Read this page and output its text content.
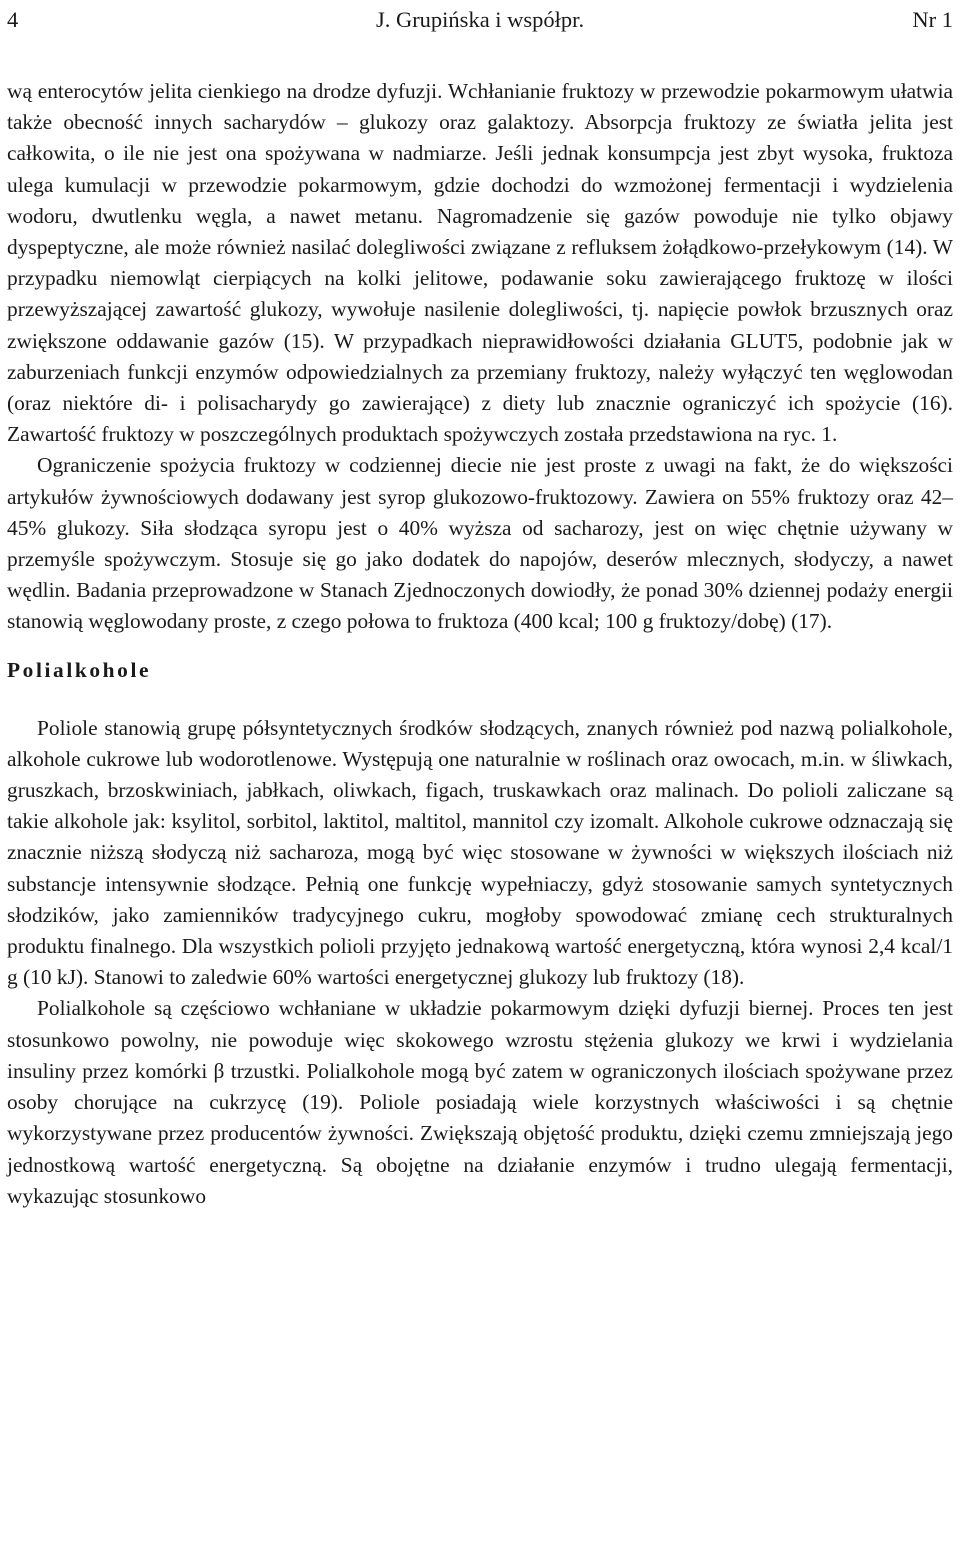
4	J. Grupińska i współpr.	Nr 1

wą enterocytów jelita cienkiego na drodze dyfuzji. Wchłanianie fruktozy w przewodzie pokarmowym ułatwia także obecność innych sacharydów – glukozy oraz galaktozy. Absorpcja fruktozy ze światła jelita jest całkowita, o ile nie jest ona spożywana w nadmiarze. Jeśli jednak konsumpcja jest zbyt wysoka, fruktoza ulega kumulacji w przewodzie pokarmowym, gdzie dochodzi do wzmożonej fermentacji i wydzielenia wodoru, dwutlenku węgla, a nawet metanu. Nagromadzenie się gazów powoduje nie tylko objawy dyspeptyczne, ale może również nasilać dolegliwości związane z refluksem żołądkowo-przełykowym (14). W przypadku niemowląt cierpiących na kolki jelitowe, podawanie soku zawierającego fruktozę w ilości przewyższającej zawartość glukozy, wywołuje nasilenie dolegliwości, tj. napięcie powłok brzusznych oraz zwiększone oddawanie gazów (15). W przypadkach nieprawidłowości działania GLUT5, podobnie jak w zaburzeniach funkcji enzymów odpowiedzialnych za przemiany fruktozy, należy wyłączyć ten węglowodan (oraz niektóre di- i polisacharydy go zawierające) z diety lub znacznie ograniczyć ich spożycie (16). Zawartość fruktozy w poszczególnych produktach spożywczych została przedstawiona na ryc. 1.

Ograniczenie spożycia fruktozy w codziennej diecie nie jest proste z uwagi na fakt, że do większości artykułów żywnościowych dodawany jest syrop glukozowo-fruktozowy. Zawiera on 55% fruktozy oraz 42–45% glukozy. Siła słodząca syropu jest o 40% wyższa od sacharozy, jest on więc chętnie używany w przemyśle spożywczym. Stosuje się go jako dodatek do napojów, deserów mlecznych, słodyczy, a nawet wędlin. Badania przeprowadzone w Stanach Zjednoczonych dowiodły, że ponad 30% dziennej podaży energii stanowią węglowodany proste, z czego połowa to fruktoza (400 kcal; 100 g fruktozy/dobę) (17).

Polialkohole

Poliole stanowią grupę półsyntetycznych środków słodzących, znanych również pod nazwą polialkohole, alkohole cukrowe lub wodorotlenowe. Występują one naturalnie w roślinach oraz owocach, m.in. w śliwkach, gruszkach, brzoskwiniach, jabłkach, oliwkach, figach, truskawkach oraz malinach. Do polioli zaliczane są takie alkohole jak: ksylitol, sorbitol, laktitol, maltitol, mannitol czy izomalt. Alkohole cukrowe odznaczają się znacznie niższą słodyczą niż sacharoza, mogą być więc stosowane w żywności w większych ilościach niż substancje intensywnie słodzące. Pełnią one funkcję wypełniaczy, gdyż stosowanie samych syntetycznych słodzików, jako zamienników tradycyjnego cukru, mogłoby spowodować zmianę cech strukturalnych produktu finalnego. Dla wszystkich polioli przyjęto jednakową wartość energetyczną, która wynosi 2,4 kcal/1 g (10 kJ). Stanowi to zaledwie 60% wartości energetycznej glukozy lub fruktozy (18).

Polialkohole są częściowo wchłaniane w układzie pokarmowym dzięki dyfuzji biernej. Proces ten jest stosunkowo powolny, nie powoduje więc skokowego wzrostu stężenia glukozy we krwi i wydzielania insuliny przez komórki β trzustki. Polialkohole mogą być zatem w ograniczonych ilościach spożywane przez osoby chorujące na cukrzycę (19). Poliole posiadają wiele korzystnych właściwości i są chętnie wykorzystywane przez producentów żywności. Zwiększają objętość produktu, dzięki czemu zmniejszają jego jednostkową wartość energetyczną. Są obojętne na działanie enzymów i trudno ulegają fermentacji, wykazując stosunkowo
